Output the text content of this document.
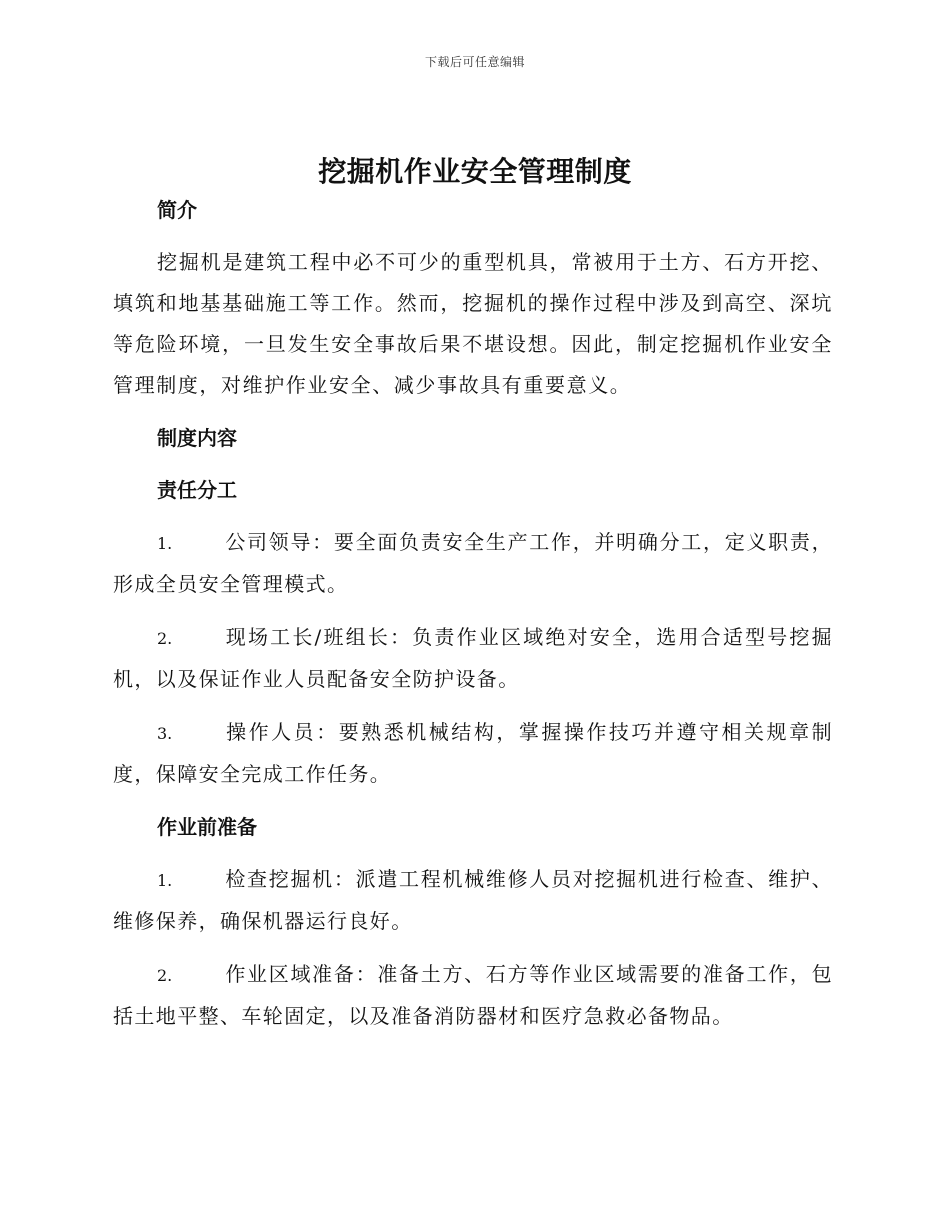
下载后可任意编辑
挖掘机作业安全管理制度
简介

挖掘机是建筑工程中必不可少的重型机具，常被用于土方、石方开挖、填筑和地基基础施工等工作。然而，挖掘机的操作过程中涉及到高空、深坑等危险环境，一旦发生安全事故后果不堪设想。因此，制定挖掘机作业安全管理制度，对维护作业安全、减少事故具有重要意义。

制度内容
责任分工

1.	公司领导：要全面负责安全生产工作，并明确分工，定义职责，形成全员安全管理模式。

2.	现场工长/班组长：负责作业区域绝对安全，选用合适型号挖掘机，以及保证作业人员配备安全防护设备。

3.	操作人员：要熟悉机械结构，掌握操作技巧并遵守相关规章制度，保障安全完成工作任务。

作业前准备

1.	检查挖掘机：派遣工程机械维修人员对挖掘机进行检查、维护、维修保养，确保机器运行良好。

2.	作业区域准备：准备土方、石方等作业区域需要的准备工作，包括土地平整、车轮固定，以及准备消防器材和医疗急救必备物品。
